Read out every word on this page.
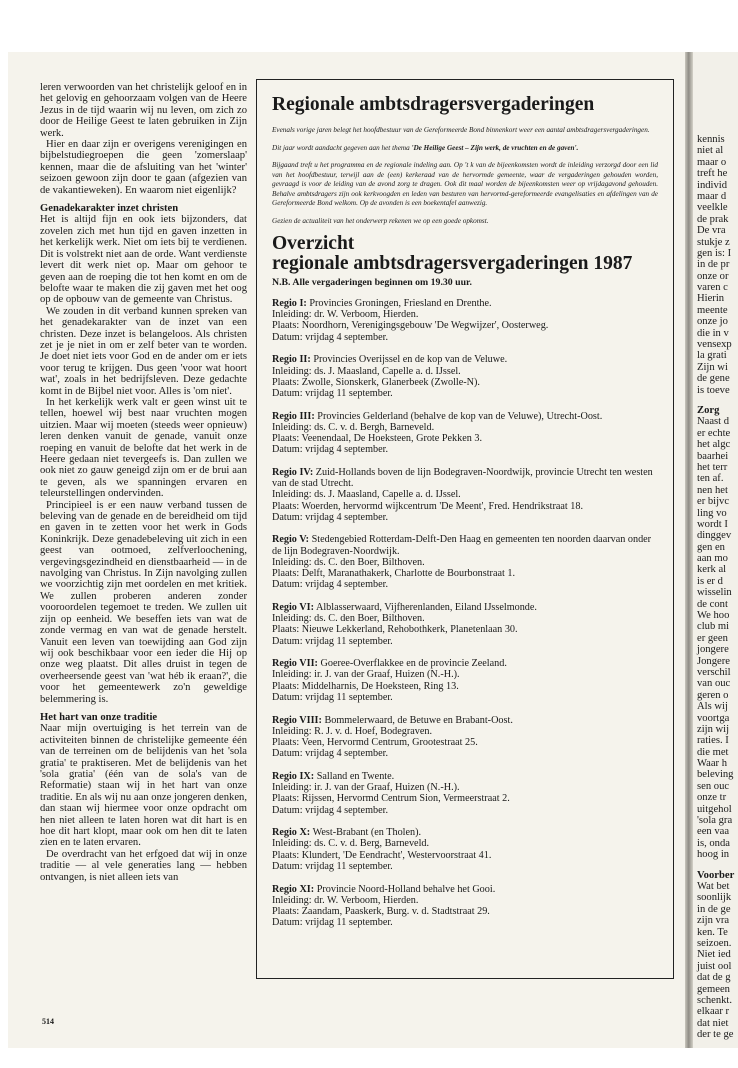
leren verwoorden van het christelijk geloof en in het gelovig en gehoorzaam volgen van de Heere Jezus in de tijd waarin wij nu leven, om zich zo door de Heilige Geest te laten gebruiken in Zijn werk.

Hier en daar zijn er overigens verenigingen en bijbelstudiegroepen die geen 'zomerslaap' kennen, maar die de afsluiting van het 'winter' seizoen gewoon zijn door te gaan (afgezien van de vakantieweken). En waarom niet eigenlijk?

Genadekarakter inzet christen

Het is altijd fijn en ook iets bijzonders, dat zovelen zich met hun tijd en gaven inzetten in het kerkelijk werk. Niet om iets bij te verdienen. Dit is volstrekt niet aan de orde. Want verdienste levert dit werk niet op. Maar om gehoor te geven aan de roeping die tot hen komt en om de belofte waar te maken die zij gaven met het oog op de opbouw van de gemeente van Christus.

We zouden in dit verband kunnen spreken van het genadekarakter van de inzet van een christen. Deze inzet is belangeloos. Als christen zet je je niet in om er zelf beter van te worden. Je doet niet iets voor God en de ander om er iets voor terug te krijgen. Dus geen 'voor wat hoort wat', zoals in het bedrijfsleven. Deze gedachte komt in de Bijbel niet voor. Alles is 'om niet'.

In het kerkelijk werk valt er geen winst uit te tellen, hoewel wij best naar vruchten mogen uitzien. Maar wij moeten (steeds weer opnieuw) leren denken vanuit de genade, vanuit onze roeping en vanuit de belofte dat het werk in de Heere gedaan niet tevergeefs is. Dan zullen we ook niet zo gauw geneigd zijn om er de brui aan te geven, als we spanningen ervaren en teleurstellingen ondervinden.

Principieel is er een nauw verband tussen de beleving van de genade en de bereidheid om tijd en gaven in te zetten voor het werk in Gods Koninkrijk. Deze genadebeleving uit zich in een geest van ootmoed, zelfverloochening, vergevingsgezindheid en dienstbaarheid — in de navolging van Christus. In Zijn navolging zullen we voorzichtig zijn met oordelen en met kritiek. We zullen proberen anderen zonder vooroordelen tegemoet te treden. We zullen uit zijn op eenheid. We beseffen iets van wat de zonde vermag en van wat de genade herstelt. Vanuit een leven van toewijding aan God zijn wij ook beschikbaar voor een ieder die Hij op onze weg plaatst. Dit alles druist in tegen de overheersende geest van 'wat héb ik eraan?', die voor het gemeentewerk zo'n geweldige belemmering is.

Het hart van onze traditie

Naar mijn overtuiging is het terrein van de activiteiten binnen de christelijke gemeente één van de terreinen om de belijdenis van het 'sola gratia' te praktiseren. Met de belijdenis van het 'sola gratia' (één van de sola's van de Reformatie) staan wij in het hart van onze traditie. En als wij nu aan onze jongeren denken, dan staan wij hiermee voor onze opdracht om hen niet alleen te laten horen wat dit hart is en hoe dit hart klopt, maar ook om hen dit te laten zien en te laten ervaren.

De overdracht van het erfgoed dat wij in onze traditie — al vele generaties lang — hebben ontvangen, is niet alleen iets van

514
Regionale ambtsdragersvergaderingen

Evenals vorige jaren belegt het hoofdbestuur van de Gereformeerde Bond binnenkort weer een aantal ambtsdragersvergaderingen.

Dit jaar wordt aandacht gegeven aan het thema 'De Heilige Geest – Zijn werk, de vruchten en de gaven'.

Bijgaand treft u het programma en de regionale indeling aan. Op 't k van de bijeenkomsten wordt de inleiding verzorgd door een lid van het hoofdbestuur, terwijl aan de (een) kerkeraad van de hervormde gemeente, waar de vergaderingen gehouden worden, gevraagd is voor de leiding van de avond zorg te dragen. Ook dit maal worden de bijeenkomsten weer op vrijdagavond gehouden. Behalve ambtsdragers zijn ook kerkvoogden en leden van besturen van hervormd-gereformeerde evangelisaties en afdelingen van de Gereformeerde Bond welkom. Op de avonden is een boekentafel aanwezig.

Gezien de actualiteit van het onderwerp rekenen we op een goede opkomst.

Overzicht
regionale ambtsdragersvergaderingen 1987
N.B. Alle vergaderingen beginnen om 19.30 uur.
Regio I: Provincies Groningen, Friesland en Drenthe.
Inleiding: dr. W. Verboom, Hierden.
Plaats: Noordhorn, Verenigingsgebouw 'De Wegwijzer', Oosterweg.
Datum: vrijdag 4 september.
Regio II: Provincies Overijssel en de kop van de Veluwe.
Inleiding: ds. J. Maasland, Capelle a. d. IJssel.
Plaats: Zwolle, Sionskerk, Glanerbeek (Zwolle-N).
Datum: vrijdag 11 september.
Regio III: Provincies Gelderland (behalve de kop van de Veluwe), Utrecht-Oost.
Inleiding: ds. C. v. d. Bergh, Barneveld.
Plaats: Veenendaal, De Hoeksteen, Grote Pekken 3.
Datum: vrijdag 4 september.
Regio IV: Zuid-Hollands boven de lijn Bodegraven-Noordwijk, provincie Utrecht ten westen van de stad Utrecht.
Inleiding: ds. J. Maasland, Capelle a. d. IJssel.
Plaats: Woerden, hervormd wijkcentrum 'De Meent', Fred. Hendrikstraat 18.
Datum: vrijdag 4 september.
Regio V: Stedengebied Rotterdam-Delft-Den Haag en gemeenten ten noorden daarvan onder de lijn Bodegraven-Noordwijk.
Inleiding: ds. C. den Boer, Bilthoven.
Plaats: Delft, Maranathakerk, Charlotte de Bourbonstraat 1.
Datum: vrijdag 4 september.
Regio VI: Alblasserwaard, Vijfherenlanden, Eiland IJsselmonde.
Inleiding: ds. C. den Boer, Bilthoven.
Plaats: Nieuwe Lekkerland, Rehobothkerk, Planetenlaan 30.
Datum: vrijdag 11 september.
Regio VII: Goeree-Overflakkee en de provincie Zeeland.
Inleiding: ir. J. van der Graaf, Huizen (N.-H.).
Plaats: Middelharnis, De Hoeksteen, Ring 13.
Datum: vrijdag 11 september.
Regio VIII: Bommelerwaard, de Betuwe en Brabant-Oost.
Inleiding: R. J. v. d. Hoef, Bodegraven.
Plaats: Veen, Hervormd Centrum, Grootestraat 25.
Datum: vrijdag 4 september.
Regio IX: Salland en Twente.
Inleiding: ir. J. van der Graaf, Huizen (N.-H.).
Plaats: Rijssen, Hervormd Centrum Sion, Vermeerstraat 2.
Datum: vrijdag 4 september.
Regio X: West-Brabant (en Tholen).
Inleiding: ds. C. v. d. Berg, Barneveld.
Plaats: Klundert, 'De Eendracht', Westervoorstraat 41.
Datum: vrijdag 11 september.
Regio XI: Provincie Noord-Holland behalve het Gooi.
Inleiding: dr. W. Verboom, Hierden.
Plaats: Zaandam, Paaskerk, Burg. v. d. Stadtstraat 29.
Datum: vrijdag 11 september.
kennis
niet al
maar o
treft he
individ
maar d
veelkle
de prak
De vra
stukje z
gen is: I
in de pr
onze or
varen c
Hierin
meente
onze jo
die in v
vensexp
la grati
Zijn wi
de gene
is toeve
Zorg
Naast d
er echte
het algc
baarhei
het terr
ten af.
nen het
er bijvc
ling vo
wordt I
dinggev
gen en
aan mo
kerk al
is er d
wisselin
de cont
We hoo
club mi
er geen
jongere
Jongere
verschil
van ouc
geren o
Als wij
voortga
zijn wij
raties. I
die met
Waar h
beleving
sen ouc
onze tr
uitgehol
'sola gra
een vaa
is, onda
hoog in
Voorber
Wat bet
soonlijk
in de ge
zijn vra
ken. Te
seizoen.
Niet ied
juist ool
dat de g
gemeen
schenkt.
elkaar r
dat niet
der te ge
